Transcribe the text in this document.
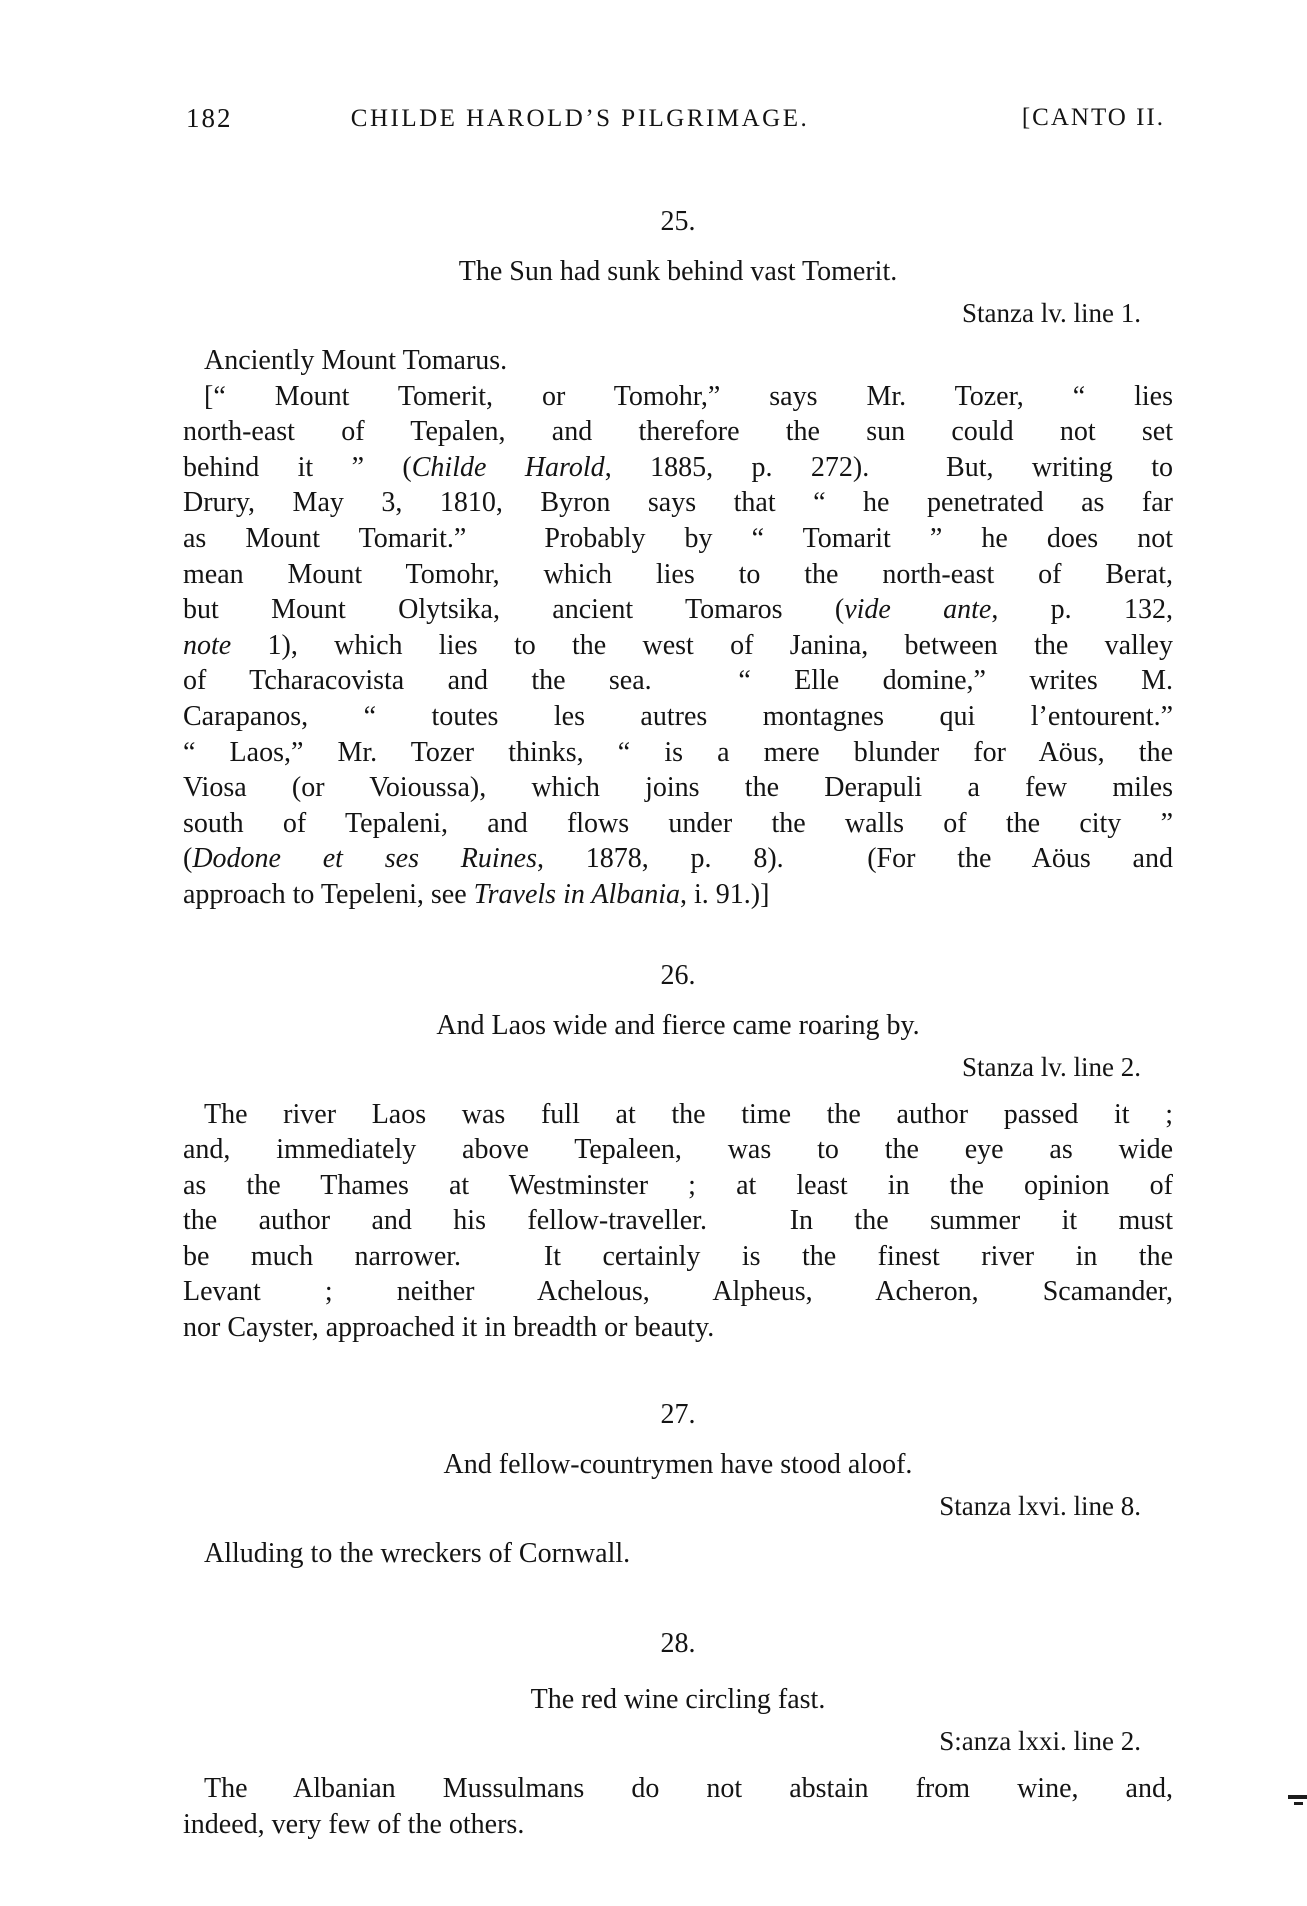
182	CHILDE HAROLD’S PILGRIMAGE.	[CANTO II.
25.
The Sun had sunk behind vast Tomerit.
Stanza lv. line 1.
Anciently Mount Tomarus.
[“ Mount Tomerit, or Tomohr,” says Mr. Tozer, “ lies
north-east of Tepalen, and therefore the sun could not set
behind it ” (Childe Harold, 1885, p. 272).  But, writing to
Drury, May 3, 1810, Byron says that “ he penetrated as far
as Mount Tomarit.”  Probably by “ Tomarit ” he does not
mean Mount Tomohr, which lies to the north-east of Berat,
but Mount Olytsika, ancient Tomaros (vide ante, p. 132,
note 1), which lies to the west of Janina, between the valley
of Tcharacovista and the sea.  “ Elle domine,” writes M.
Carapanos, “ toutes les autres montagnes qui l’entourent.”
“ Laos,” Mr. Tozer thinks, “ is a mere blunder for Aöus, the
Viosa (or Voioussa), which joins the Derapuli a few miles
south of Tepaleni, and flows under the walls of the city ”
(Dodone et ses Ruines, 1878, p. 8).  (For the Aöus and
approach to Tepeleni, see Travels in Albania, i. 91.)]
26.
And Laos wide and fierce came roaring by.
Stanza lv. line 2.
The river Laos was full at the time the author passed it ;
and, immediately above Tepaleen, was to the eye as wide
as the Thames at Westminster ; at least in the opinion of
the author and his fellow-traveller.  In the summer it must
be much narrower.  It certainly is the finest river in the
Levant ; neither Achelous, Alpheus, Acheron, Scamander,
nor Cayster, approached it in breadth or beauty.
27.
And fellow-countrymen have stood aloof.
Stanza lxvi. line 8.
Alluding to the wreckers of Cornwall.
28.
The red wine circling fast.
S:anza lxxi. line 2.
The Albanian Mussulmans do not abstain from wine, and,
indeed, very few of the others.
